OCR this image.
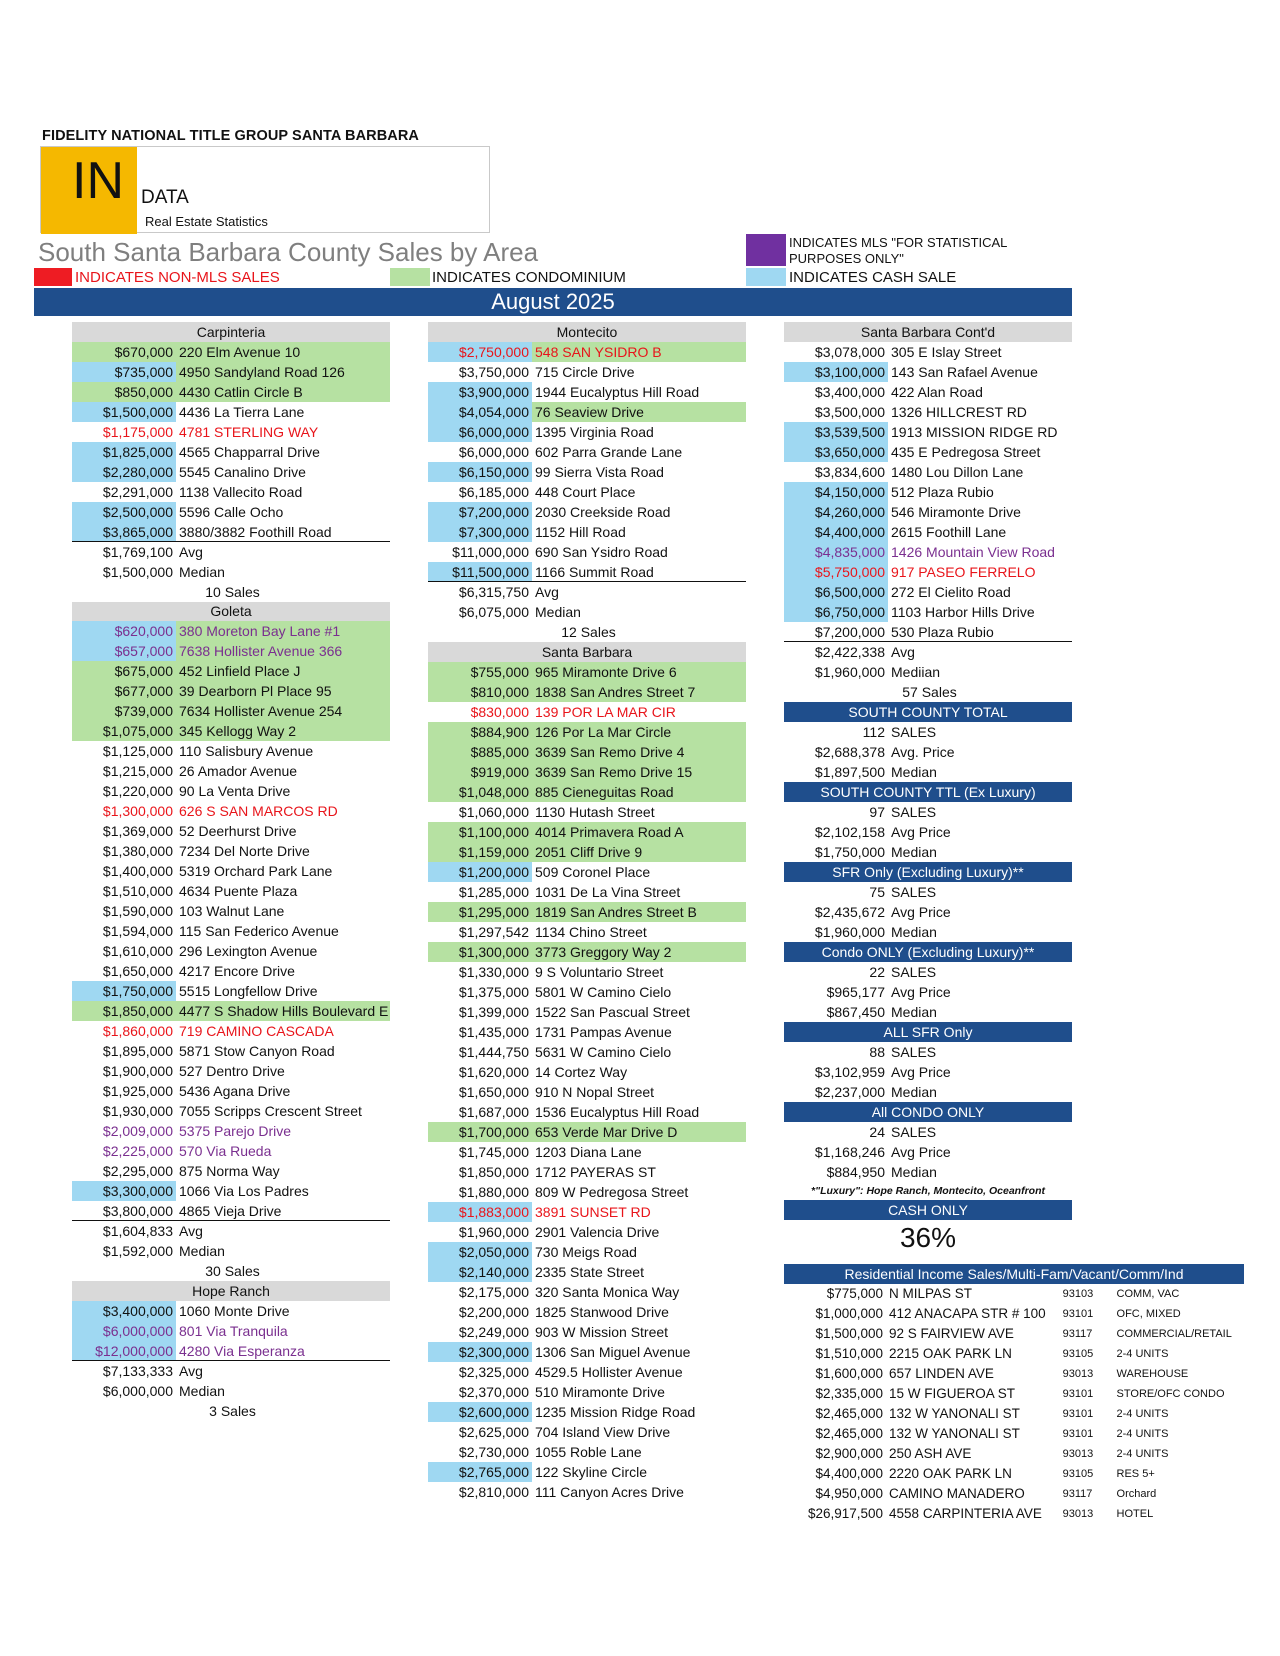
FIDELITY NATIONAL TITLE GROUP SANTA BARBARA
IN DATA
Real Estate Statistics
South Santa Barbara County Sales by Area
INDICATES NON-MLS SALES	INDICATES CONDOMINIUM
INDICATES MLS "FOR STATISTICAL PURPOSES ONLY"
INDICATES CASH SALE
August 2025
Carpinteria
$670,000 220 Elm Avenue 10
$735,000 4950 Sandyland Road 126
$850,000 4430 Catlin Circle B
$1,500,000 4436 La Tierra Lane
$1,175,000 4781 STERLING WAY
$1,825,000 4565 Chapparral Drive
$2,280,000 5545 Canalino Drive
$2,291,000 1138 Vallecito Road
$2,500,000 5596 Calle Ocho
$3,865,000 3880/3882 Foothill Road
$1,769,100 Avg
$1,500,000 Median
10 Sales
Goleta
$620,000 380 Moreton Bay Lane #1
$657,000 7638 Hollister Avenue 366
$675,000 452 Linfield Place J
$677,000 39 Dearborn Pl Place 95
$739,000 7634 Hollister Avenue 254
$1,075,000 345 Kellogg Way 2
$1,125,000 110 Salisbury Avenue
$1,215,000 26 Amador Avenue
$1,220,000 90 La Venta Drive
$1,300,000 626 S SAN MARCOS RD
$1,369,000 52 Deerhurst Drive
$1,380,000 7234 Del Norte Drive
$1,400,000 5319 Orchard Park Lane
$1,510,000 4634 Puente Plaza
$1,590,000 103 Walnut Lane
$1,594,000 115 San Federico Avenue
$1,610,000 296 Lexington Avenue
$1,650,000 4217 Encore Drive
$1,750,000 5515 Longfellow Drive
$1,850,000 4477 S Shadow Hills Boulevard E
$1,860,000 719 CAMINO CASCADA
$1,895,000 5871 Stow Canyon Road
$1,900,000 527 Dentro Drive
$1,925,000 5436 Agana Drive
$1,930,000 7055 Scripps Crescent Street
$2,009,000 5375 Parejo Drive
$2,225,000 570 Via Rueda
$2,295,000 875 Norma Way
$3,300,000 1066 Via Los Padres
$3,800,000 4865 Vieja Drive
$1,604,833 Avg
$1,592,000 Median
30 Sales
Hope Ranch
$3,400,000 1060 Monte Drive
$6,000,000 801 Via Tranquila
$12,000,000 4280 Via Esperanza
$7,133,333 Avg
$6,000,000 Median
3 Sales
Montecito
$2,750,000 548 SAN YSIDRO B
$3,750,000 715 Circle Drive
$3,900,000 1944 Eucalyptus Hill Road
$4,054,000 76 Seaview Drive
$6,000,000 1395 Virginia Road
$6,000,000 602 Parra Grande Lane
$6,150,000 99 Sierra Vista Road
$6,185,000 448 Court Place
$7,200,000 2030 Creekside Road
$7,300,000 1152 Hill Road
$11,000,000 690 San Ysidro Road
$11,500,000 1166 Summit Road
$6,315,750 Avg
$6,075,000 Median
12 Sales
Santa Barbara
$755,000 965 Miramonte Drive 6
$810,000 1838 San Andres Street 7
$830,000 139 POR LA MAR CIR
$884,900 126 Por La Mar Circle
$885,000 3639 San Remo Drive 4
$919,000 3639 San Remo Drive 15
$1,048,000 885 Cieneguitas Road
$1,060,000 1130 Hutash Street
$1,100,000 4014 Primavera Road A
$1,159,000 2051 Cliff Drive 9
$1,200,000 509 Coronel Place
$1,285,000 1031 De La Vina Street
$1,295,000 1819 San Andres Street B
$1,297,542 1134 Chino Street
$1,300,000 3773 Greggory Way 2
$1,330,000 9 S Voluntario Street
$1,375,000 5801 W Camino Cielo
$1,399,000 1522 San Pascual Street
$1,435,000 1731 Pampas Avenue
$1,444,750 5631 W Camino Cielo
$1,620,000 14 Cortez Way
$1,650,000 910 N Nopal Street
$1,687,000 1536 Eucalyptus Hill Road
$1,700,000 653 Verde Mar Drive D
$1,745,000 1203 Diana Lane
$1,850,000 1712 PAYERAS ST
$1,880,000 809 W Pedregosa Street
$1,883,000 3891 SUNSET RD
$1,960,000 2901 Valencia Drive
$2,050,000 730 Meigs Road
$2,140,000 2335 State Street
$2,175,000 320 Santa Monica Way
$2,200,000 1825 Stanwood Drive
$2,249,000 903 W Mission Street
$2,300,000 1306 San Miguel Avenue
$2,325,000 4529.5 Hollister Avenue
$2,370,000 510 Miramonte Drive
$2,600,000 1235 Mission Ridge Road
$2,625,000 704 Island View Drive
$2,730,000 1055 Roble Lane
$2,765,000 122 Skyline Circle
$2,810,000 111 Canyon Acres Drive
Santa Barbara Cont'd
$3,078,000 305 E Islay Street
$3,100,000 143 San Rafael Avenue
$3,400,000 422 Alan Road
$3,500,000 1326 HILLCREST RD
$3,539,500 1913 MISSION RIDGE RD
$3,650,000 435 E Pedregosa Street
$3,834,600 1480 Lou Dillon Lane
$4,150,000 512 Plaza Rubio
$4,260,000 546 Miramonte Drive
$4,400,000 2615 Foothill Lane
$4,835,000 1426 Mountain View Road
$5,750,000 917 PASEO FERRELO
$6,500,000 272 El Cielito Road
$6,750,000 1103 Harbor Hills Drive
$7,200,000 530 Plaza Rubio
$2,422,338 Avg
$1,960,000 Mediian
57 Sales
SOUTH COUNTY TOTAL
112 SALES
$2,688,378 Avg. Price
$1,897,500 Median
SOUTH COUNTY TTL (Ex Luxury)
97 SALES
$2,102,158 Avg Price
$1,750,000 Median
SFR Only (Excluding Luxury)**
75 SALES
$2,435,672 Avg Price
$1,960,000 Median
Condo ONLY (Excluding Luxury)**
22 SALES
$965,177 Avg Price
$867,450 Median
ALL SFR Only
88 SALES
$3,102,959 Avg Price
$2,237,000 Median
All CONDO ONLY
24 SALES
$1,168,246 Avg Price
$884,950 Median
*"Luxury": Hope Ranch, Montecito, Oceanfront
CASH ONLY
36%
Residential Income Sales/Multi-Fam/Vacant/Comm/Ind
$775,000 N MILPAS ST	93103	COMM, VAC
$1,000,000 412 ANACAPA STR # 100	93101	OFC, MIXED
$1,500,000 92 S FAIRVIEW AVE	93117	COMMERCIAL/RETAIL
$1,510,000 2215 OAK PARK LN	93105	2-4 UNITS
$1,600,000 657 LINDEN AVE	93013	WAREHOUSE
$2,335,000 15 W FIGUEROA ST	93101	STORE/OFC CONDO
$2,465,000 132 W YANONALI ST	93101	2-4 UNITS
$2,465,000 132 W YANONALI ST	93101	2-4 UNITS
$2,900,000 250 ASH AVE	93013	2-4 UNITS
$4,400,000 2220 OAK PARK LN	93105	RES 5+
$4,950,000 CAMINO MANADERO	93117	Orchard
$26,917,500 4558 CARPINTERIA AVE	93013	HOTEL
